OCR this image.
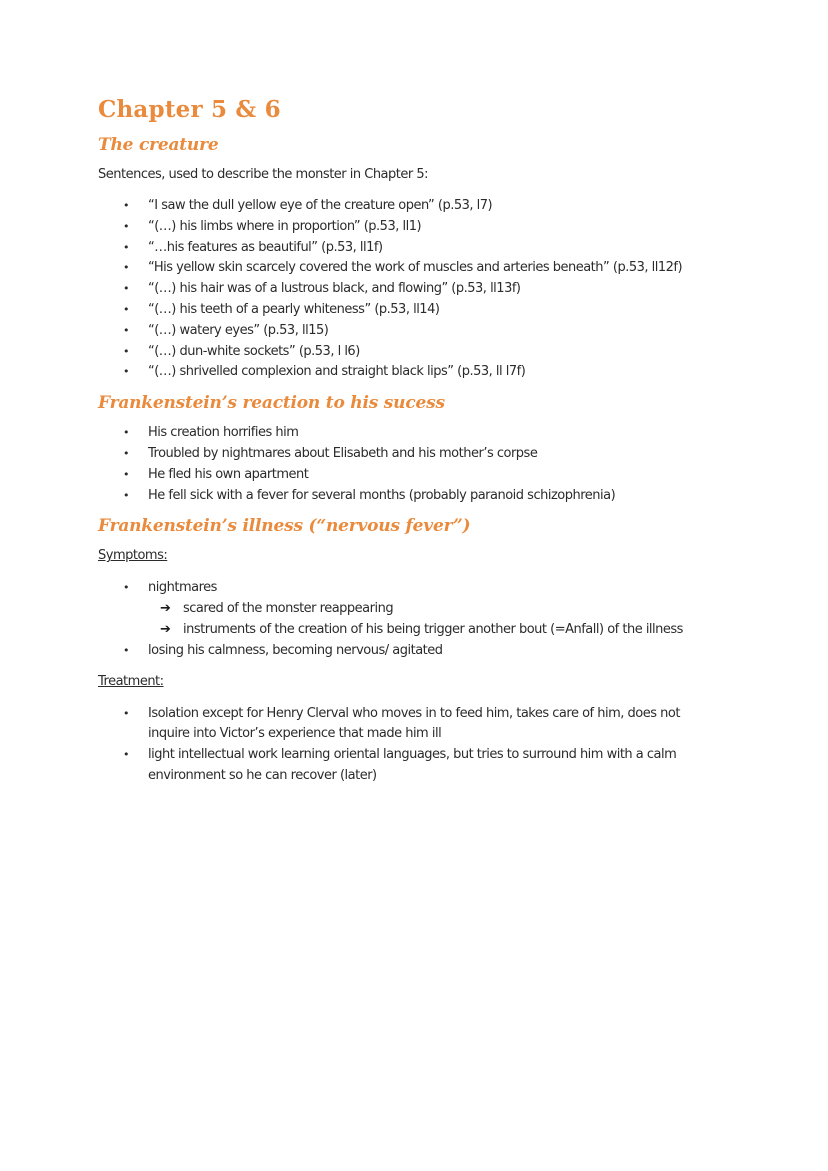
Chapter 5 & 6
The creature
Sentences, used to describe the monster in Chapter 5:
• “I saw the dull yellow eye of the creature open” (p.53, l7)
• “(…) his limbs where in proportion” (p.53, ll1)
• “…his features as beautiful” (p.53, ll1f)
• “His yellow skin scarcely covered the work of muscles and arteries beneath” (p.53, ll12f)
• “(…) his hair was of a lustrous black, and flowing” (p.53, ll13f)
• “(…) his teeth of a pearly whiteness” (p.53, ll14)
• “(…) watery eyes” (p.53, ll15)
• “(…) dun-white sockets” (p.53, l l6)
• “(…) shrivelled complexion and straight black lips” (p.53, ll l7f)
Frankenstein’s reaction to his sucess
• His creation horrifies him
• Troubled by nightmares about Elisabeth and his mother’s corpse
• He fled his own apartment
• He fell sick with a fever for several months (probably paranoid schizophrenia)
Frankenstein’s illness (“nervous fever”)
Symptoms:
• nightmares
➔ scared of the monster reappearing
➔ instruments of the creation of his being trigger another bout (=Anfall) of the illness
• losing his calmness, becoming nervous/ agitated
Treatment:
• Isolation except for Henry Clerval who moves in to feed him, takes care of him, does not inquire into Victor’s experience that made him ill
• light intellectual work learning oriental languages, but tries to surround him with a calm environment so he can recover (later)
